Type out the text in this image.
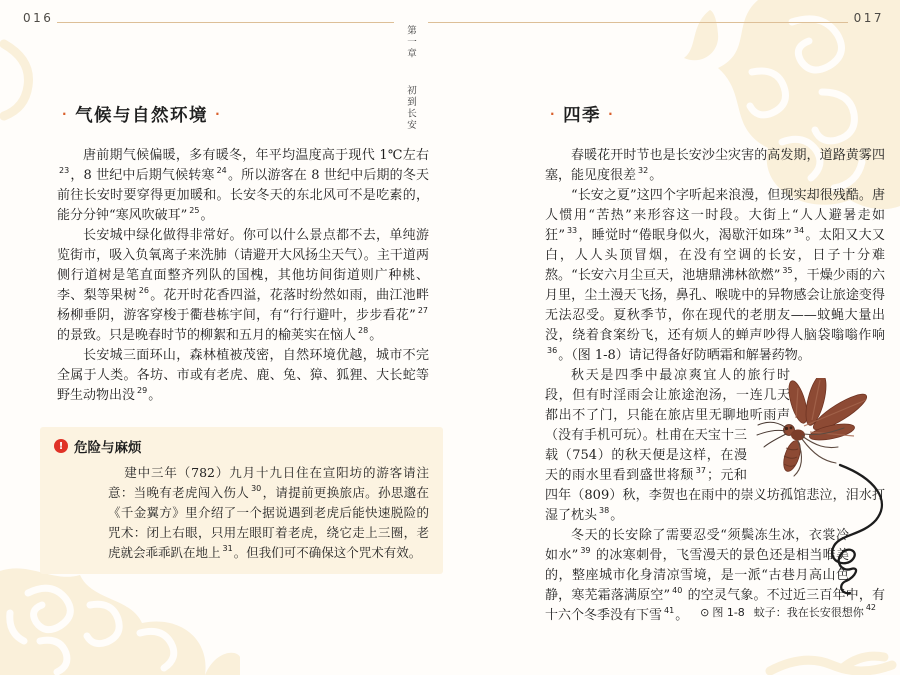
016
第一章 初到长安
017
· 气候与自然环境 ·

唐前期气候偏暖，多有暖冬，年平均温度高于现代 1℃左右$^{23}$，8 世纪中后期气候转寒 $^{24}$。所以游客在 8 世纪中后期的冬天前往长安时要穿得更加暖和。长安冬天的东北风可不是吃素的，能分分钟“寒风吹破耳” $^{25}$。

长安城中绿化做得非常好。你可以什么景点都不去，单纯游览街市，吸入负氧离子来洗肺（请避开大风扬尘天气）。主干道两侧行道树是笔直面整齐列队的国槐，其他坊间街道则广种桃、李、梨等果树 $^{26}$。花开时花香四溢，花落时纷然如雨，曲江池畔杨柳垂阴，游客穿梭于衢巷栋宇间，有“行行避叶，步步看花” $^{27}$ 的景致。只是晚春时节的柳絮和五月的榆荚实在恼人 $^{28}$。

长安城三面环山，森林植被茂密，自然环境优越，城市不完全属于人类。各坊、市或有老虎、鹿、兔、獐、狐狸、大长蛇等野生动物出没 $^{29}$。

! 危险与麻烦
建中三年（782）九月十九日住在宣阳坊的游客请注意：当晚有老虎闯入伤人 $^{30}$，请提前更换旅店。孙思邈在《千金翼方》里介绍了一个据说遇到老虎后能快速脱险的咒术：闭上右眼，只用左眼盯着老虎，绕它走上三圈，老虎就会乖乖趴在地上 $^{31}$。但我们可不确保这个咒术有效。
· 四季 ·

春暖花开时节也是长安沙尘灾害的高发期，道路黄雾四塞，能见度很差 $^{32}$。

“长安之夏”这四个字听起来浪漫，但现实却很残酷。唐人惯用“苦热”来形容这一时段。大街上“人人避暑走如狂” $^{33}$，睡觉时“倦眠身似火，渴歇汗如珠” $^{34}$。太阳又大又白，人人头顶冒烟，在没有空调的长安，日子十分难熬。“长安六月尘亘天，池塘鼎沸林欲燃” $^{35}$，干燥少雨的六月里，尘土漫天飞扬，鼻孔、喉咙中的异物感会让旅途变得无法忍受。夏秋季节，你在现代的老朋友——蚊蝇大量出没，绕着食案纷飞，还有烦人的蝉声吵得人脑袋嗡嗡作响$^{36}$。（图 1-8）请记得备好防晒霜和解暑药物。

秋天是四季中最凉爽宜人的旅行时段，但有时淫雨会让旅途泡汤，一连几天都出不了门，只能在旅店里无聊地听雨声（没有手机可玩）。杜甫在天宝十三载（754）的秋天便是这样，在漫天的雨水里看到盛世将颓 $^{37}$；元和四年（809）秋，李贺也在雨中的崇义坊孤馆悲泣，泪水打湿了枕头 $^{38}$。

冬天的长安除了需要忍受“须鬓冻生冰，衣裳冷如水” $^{39}$ 的冰寒刺骨，飞雪漫天的景色还是相当唯美的，整座城市化身清凉雪境，是一派“古巷月高山色静，寒芜霜落满原空” $^{40}$ 的空灵气象。不过近三百年中，有十六个冬季没有下雪 $^{41}$。	⊙ 图 1-8 蚊子：我在长安很想你 $^{42}$
